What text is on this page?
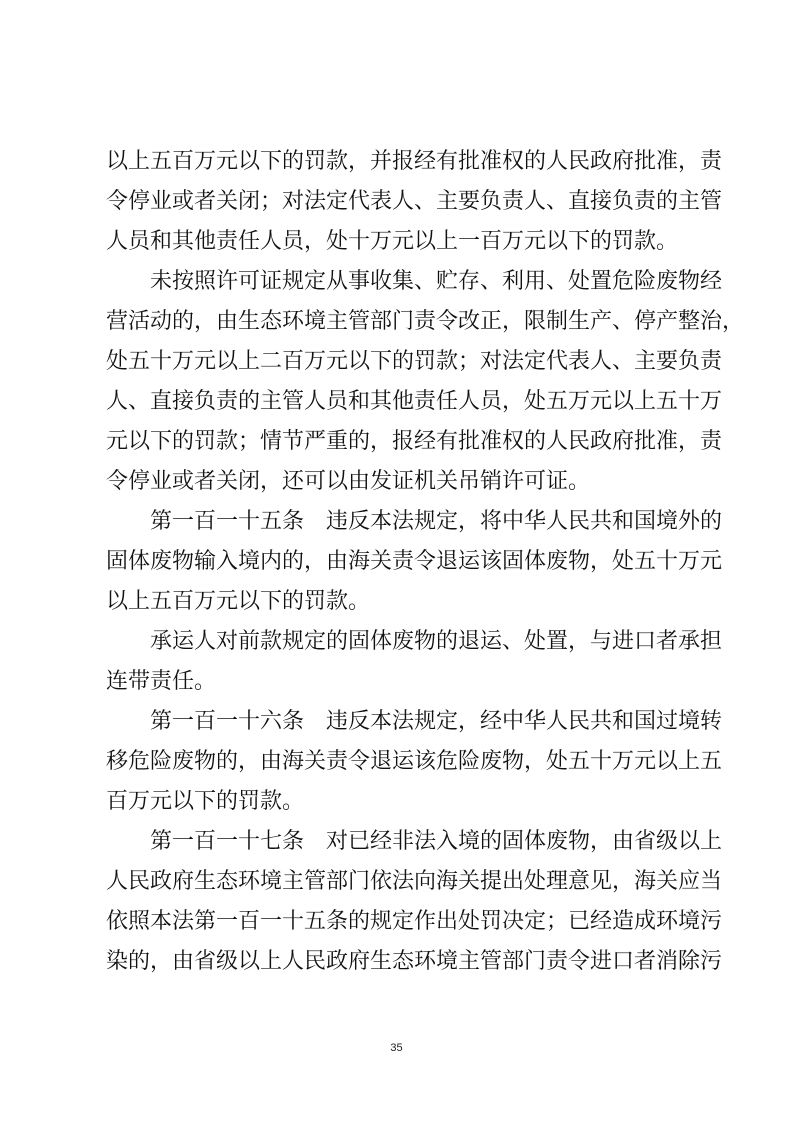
以上五百万元以下的罚款，并报经有批准权的人民政府批准，责
令停业或者关闭；对法定代表人、主要负责人、直接负责的主管
人员和其他责任人员，处十万元以上一百万元以下的罚款。
未按照许可证规定从事收集、贮存、利用、处置危险废物经
营活动的，由生态环境主管部门责令改正，限制生产、停产整治，
处五十万元以上二百万元以下的罚款；对法定代表人、主要负责
人、直接负责的主管人员和其他责任人员，处五万元以上五十万
元以下的罚款；情节严重的，报经有批准权的人民政府批准，责
令停业或者关闭，还可以由发证机关吊销许可证。
第一百一十五条　违反本法规定，将中华人民共和国境外的
固体废物输入境内的，由海关责令退运该固体废物，处五十万元
以上五百万元以下的罚款。
承运人对前款规定的固体废物的退运、处置，与进口者承担
连带责任。
第一百一十六条　违反本法规定，经中华人民共和国过境转
移危险废物的，由海关责令退运该危险废物，处五十万元以上五
百万元以下的罚款。
第一百一十七条　对已经非法入境的固体废物，由省级以上
人民政府生态环境主管部门依法向海关提出处理意见，海关应当
依照本法第一百一十五条的规定作出处罚决定；已经造成环境污
染的，由省级以上人民政府生态环境主管部门责令进口者消除污
35
